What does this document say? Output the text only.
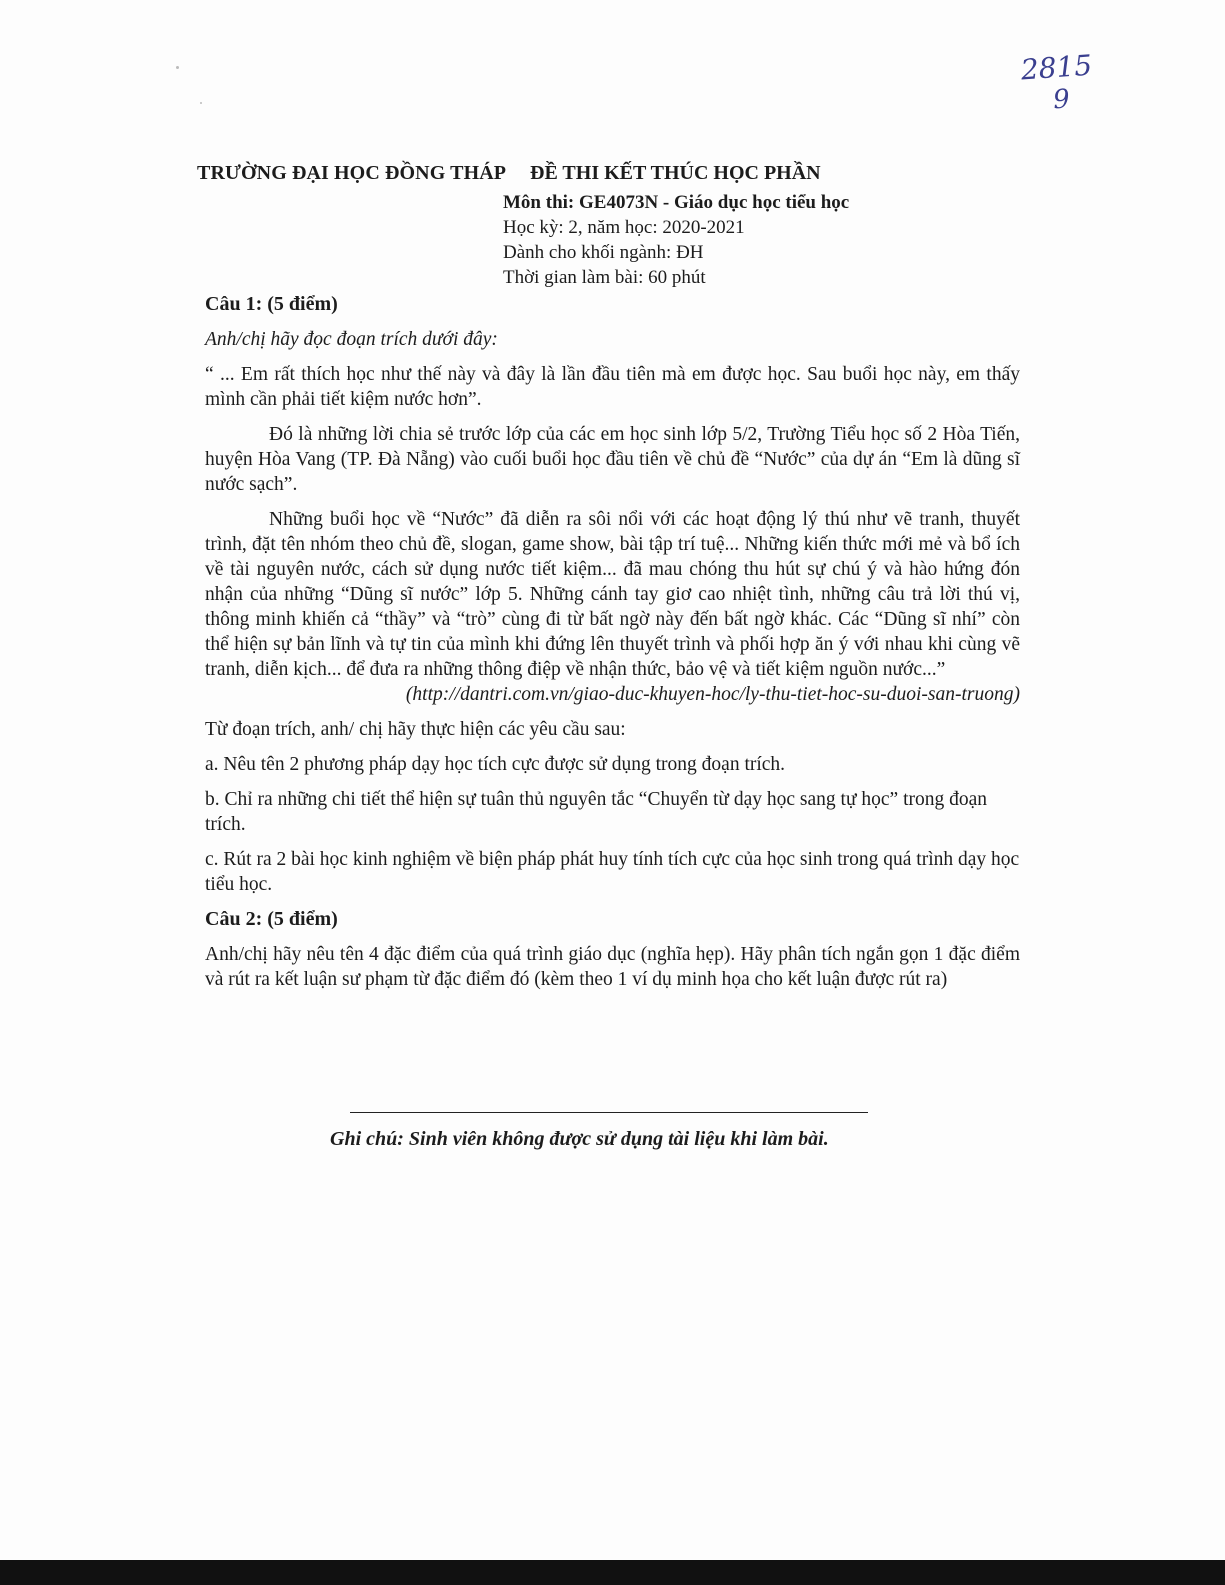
2815
9
TRƯỜNG ĐẠI HỌC ĐỒNG THÁP ĐỀ THI KẾT THÚC HỌC PHẦN
Môn thi: GE4073N - Giáo dục học tiểu học
Học kỳ: 2, năm học: 2020-2021
Dành cho khối ngành: ĐH
Thời gian làm bài: 60 phút

Câu 1: (5 điểm)

Anh/chị hãy đọc đoạn trích dưới đây:

“ ... Em rất thích học như thế này và đây là lần đầu tiên mà em được học. Sau buổi học này, em thấy mình cần phải tiết kiệm nước hơn”.

Đó là những lời chia sẻ trước lớp của các em học sinh lớp 5/2, Trường Tiểu học số 2 Hòa Tiến, huyện Hòa Vang (TP. Đà Nẵng) vào cuối buổi học đầu tiên về chủ đề “Nước” của dự án “Em là dũng sĩ nước sạch”.

Những buổi học về “Nước” đã diễn ra sôi nổi với các hoạt động lý thú như vẽ tranh, thuyết trình, đặt tên nhóm theo chủ đề, slogan, game show, bài tập trí tuệ... Những kiến thức mới mẻ và bổ ích về tài nguyên nước, cách sử dụng nước tiết kiệm... đã mau chóng thu hút sự chú ý và hào hứng đón nhận của những “Dũng sĩ nước” lớp 5. Những cánh tay giơ cao nhiệt tình, những câu trả lời thú vị, thông minh khiến cả “thầy” và “trò” cùng đi từ bất ngờ này đến bất ngờ khác. Các “Dũng sĩ nhí” còn thể hiện sự bản lĩnh và tự tin của mình khi đứng lên thuyết trình và phối hợp ăn ý với nhau khi cùng vẽ tranh, diễn kịch... để đưa ra những thông điệp về nhận thức, bảo vệ và tiết kiệm nguồn nước...”

(http://dantri.com.vn/giao-duc-khuyen-hoc/ly-thu-tiet-hoc-su-duoi-san-truong)

Từ đoạn trích, anh/ chị hãy thực hiện các yêu cầu sau:

a. Nêu tên 2 phương pháp dạy học tích cực được sử dụng trong đoạn trích.

b. Chỉ ra những chi tiết thể hiện sự tuân thủ nguyên tắc “Chuyển từ dạy học sang tự học” trong đoạn trích.

c. Rút ra 2 bài học kinh nghiệm về biện pháp phát huy tính tích cực của học sinh trong quá trình dạy học tiểu học.

Câu 2: (5 điểm)

Anh/chị hãy nêu tên 4 đặc điểm của quá trình giáo dục (nghĩa hẹp). Hãy phân tích ngắn gọn 1 đặc điểm và rút ra kết luận sư phạm từ đặc điểm đó (kèm theo 1 ví dụ minh họa cho kết luận được rút ra)

Ghi chú: Sinh viên không được sử dụng tài liệu khi làm bài.
